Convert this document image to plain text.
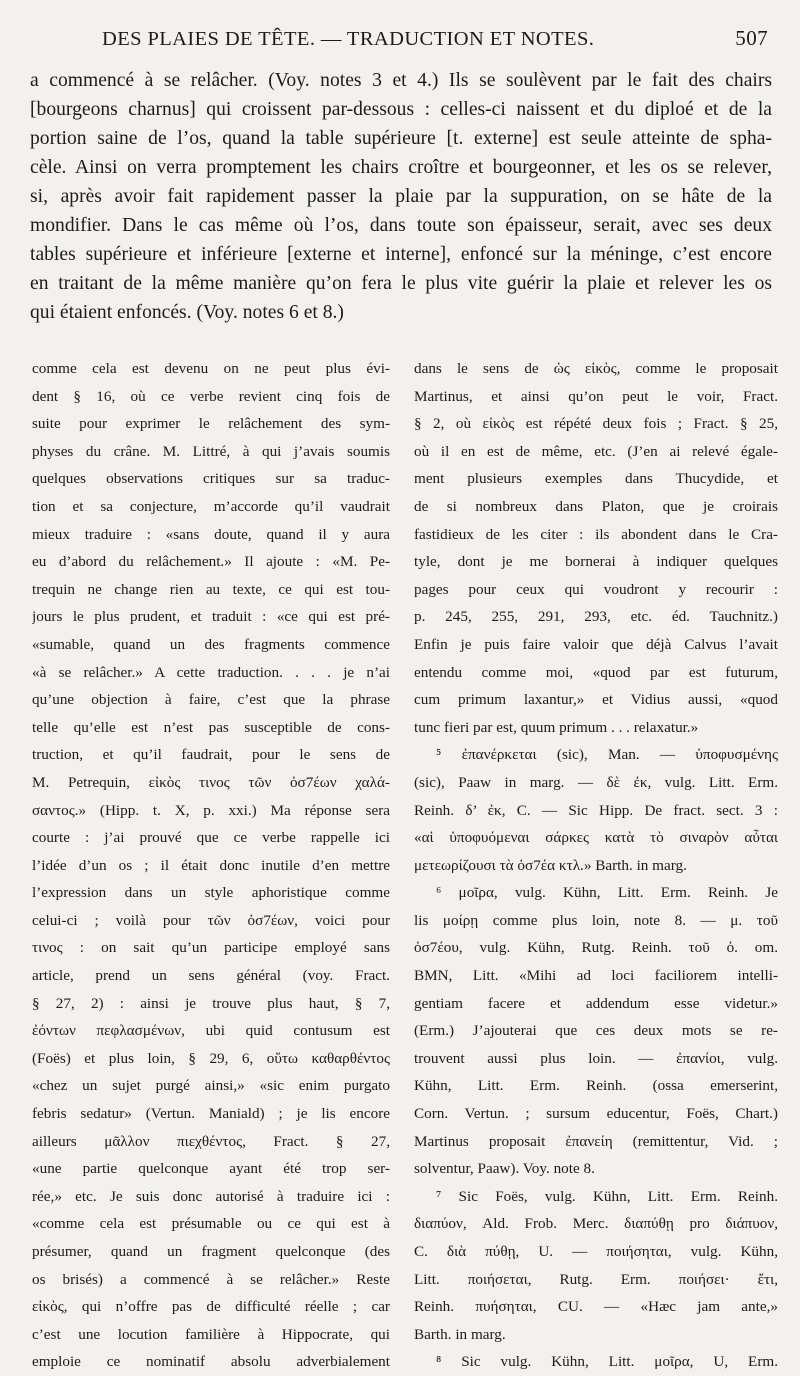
DES PLAIES DE TÊTE. — TRADUCTION ET NOTES.	507
a commencé à se relâcher. (Voy. notes 3 et 4.) Ils se soulèvent par le fait des chairs
[bourgeons charnus] qui croissent par-dessous : celles-ci naissent et du diploé et de la
portion saine de l’os, quand la table supérieure [t. externe] est seule atteinte de spha-
cèle. Ainsi on verra promptement les chairs croître et bourgeonner, et les os se relever,
si, après avoir fait rapidement passer la plaie par la suppuration, on se hâte de la
mondifier. Dans le cas même où l’os, dans toute son épaisseur, serait, avec ses deux
tables supérieure et inférieure [externe et interne], enfoncé sur la méninge, c’est encore
en traitant de la même manière qu’on fera le plus vite guérir la plaie et relever les os
qui étaient enfoncés. (Voy. notes 6 et 8.)
comme cela est devenu on ne peut plus évi-
dent § 16, où ce verbe revient cinq fois de
suite pour exprimer le relâchement des sym-
physes du crâne. M. Littré, à qui j’avais soumis
quelques observations critiques sur sa traduc-
tion et sa conjecture, m’accorde qu’il vaudrait
mieux traduire : «sans doute, quand il y aura
eu d’abord du relâchement.» Il ajoute : «M. Pe-
trequin ne change rien au texte, ce qui est tou-
jours le plus prudent, et traduit : «ce qui est pré-
«sumable, quand un des fragments commence
«à se relâcher.» A cette traduction. . . . je n’ai
qu’une objection à faire, c’est que la phrase
telle qu’elle est n’est pas susceptible de cons-
truction, et qu’il faudrait, pour le sens de
M. Petrequin, εἰκὸς τινος τῶν ὀσ7έων χαλά-
σαντος.» (Hipp. t. X, p. xxi.) Ma réponse sera
courte : j’ai prouvé que ce verbe rappelle ici
l’idée d’un os ; il était donc inutile d’en mettre
l’expression dans un style aphoristique comme
celui-ci ; voilà pour τῶν ὀσ7έων, voici pour
τινος : on sait qu’un participe employé sans
article, prend un sens général (voy. Fract.
§ 27, 2) : ainsi je trouve plus haut, § 7,
ἐόντων πεφλασμένων, ubi quid contusum est
(Foës) et plus loin, § 29, 6, οὕτω καθαρθέντος
«chez un sujet purgé ainsi,» «sic enim purgato
febris sedatur» (Vertun. Maniald) ; je lis encore
ailleurs μᾶλλον πιεχθέντος, Fract. § 27,
«une partie quelconque ayant été trop ser-
rée,» etc. Je suis donc autorisé à traduire ici :
«comme cela est présumable ou ce qui est à
présumer, quand un fragment quelconque (des
os brisés) a commencé à se relâcher.» Reste
εἰκὸς, qui n’offre pas de difficulté réelle ; car
c’est une locution familière à Hippocrate, qui
emploie ce nominatif absolu adverbialement
dans le sens de ὡς εἰκὸς, comme le proposait
Martinus, et ainsi qu’on peut le voir, Fract.
§ 2, où εἰκὸς est répété deux fois ; Fract. § 25,
où il en est de même, etc. (J’en ai relevé égale-
ment plusieurs exemples dans Thucydide, et
de si nombreux dans Platon, que je croirais
fastidieux de les citer : ils abondent dans le Cra-
tyle, dont je me bornerai à indiquer quelques
pages pour ceux qui voudront y recourir :
p. 245, 255, 291, 293, etc. éd. Tauchnitz.)
Enfin je puis faire valoir que déjà Calvus l’avait
entendu comme moi, «quod par est futurum,
cum primum laxantur,» et Vidius aussi, «quod
tunc fieri par est, quum primum . . . relaxatur.»
⁵ ἐπανέρκεται (sic), Man. — ὑποφυσμένης
(sic), Paaw in marg. — δὲ ἐκ, vulg. Litt. Erm.
Reinh. δ’ ἐκ, C. — Sic Hipp. De fract. sect. 3 :
«αἱ ὑποφυόμεναι σάρκες κατὰ τὸ σιναρὸν αὖται
μετεωρίζουσι τὰ ὀσ7έα κτλ.» Barth. in marg.
⁶ μοῖρα, vulg. Kühn, Litt. Erm. Reinh. Je
lis μοίρῃ comme plus loin, note 8. — μ. τοῦ
ὀσ7έου, vulg. Kühn, Rutg. Reinh. τοῦ ὀ. om.
BMN, Litt. «Mihi ad loci faciliorem intelli-
gentiam facere et addendum esse videtur.»
(Erm.) J’ajouterai que ces deux mots se re-
trouvent aussi plus loin. — ἐπανίοι, vulg.
Kühn, Litt. Erm. Reinh. (ossa emerserint,
Corn. Vertun. ; sursum educentur, Foës, Chart.)
Martinus proposait ἐπανείη (remittentur, Vid. ;
solventur, Paaw). Voy. note 8.
⁷ Sic Foës, vulg. Kühn, Litt. Erm. Reinh.
διαπύον, Ald. Frob. Merc. διαπύθῃ pro διάπυον,
C. διὰ πύθῃ, U. — ποιήσηται, vulg. Kühn,
Litt. ποιήσεται, Rutg. Erm. ποιήσει· ἔτι,
Reinh. πυήσηται, CU. — «Hæc jam ante,»
Barth. in marg.
⁸ Sic vulg. Kühn, Litt. μοῖρα, U, Erm.
